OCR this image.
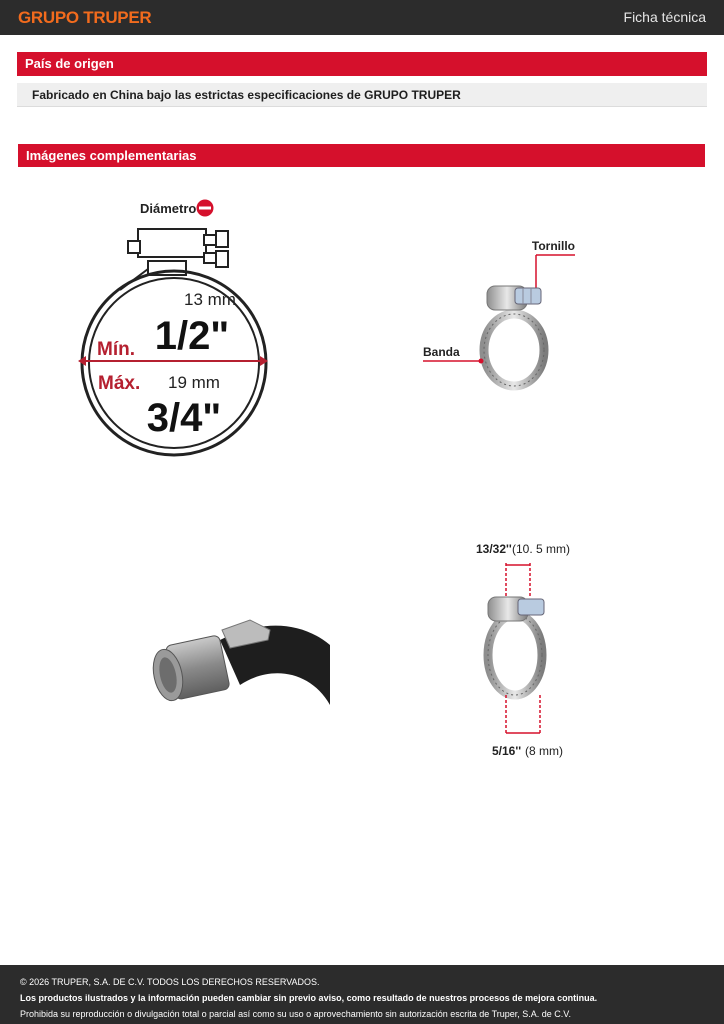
GRUPO TRUPER	Ficha técnica
País de origen
Fabricado en China bajo las estrictas especificaciones de GRUPO TRUPER
Imágenes complementarias
Diámetro
13 mm
1/2"
Mín.
Máx. 19 mm
3/4"
Tornillo
Banda
13/32'' (10. 5 mm)
5/16'' (8 mm)
© 2026 TRUPER, S.A. DE C.V. TODOS LOS DERECHOS RESERVADOS.
Los productos ilustrados y la información pueden cambiar sin previo aviso, como resultado de nuestros procesos de mejora continua.
Prohibida su reproducción o divulgación total o parcial así como su uso o aprovechamiento sin autorización escrita de Truper, S.A. de C.V.
